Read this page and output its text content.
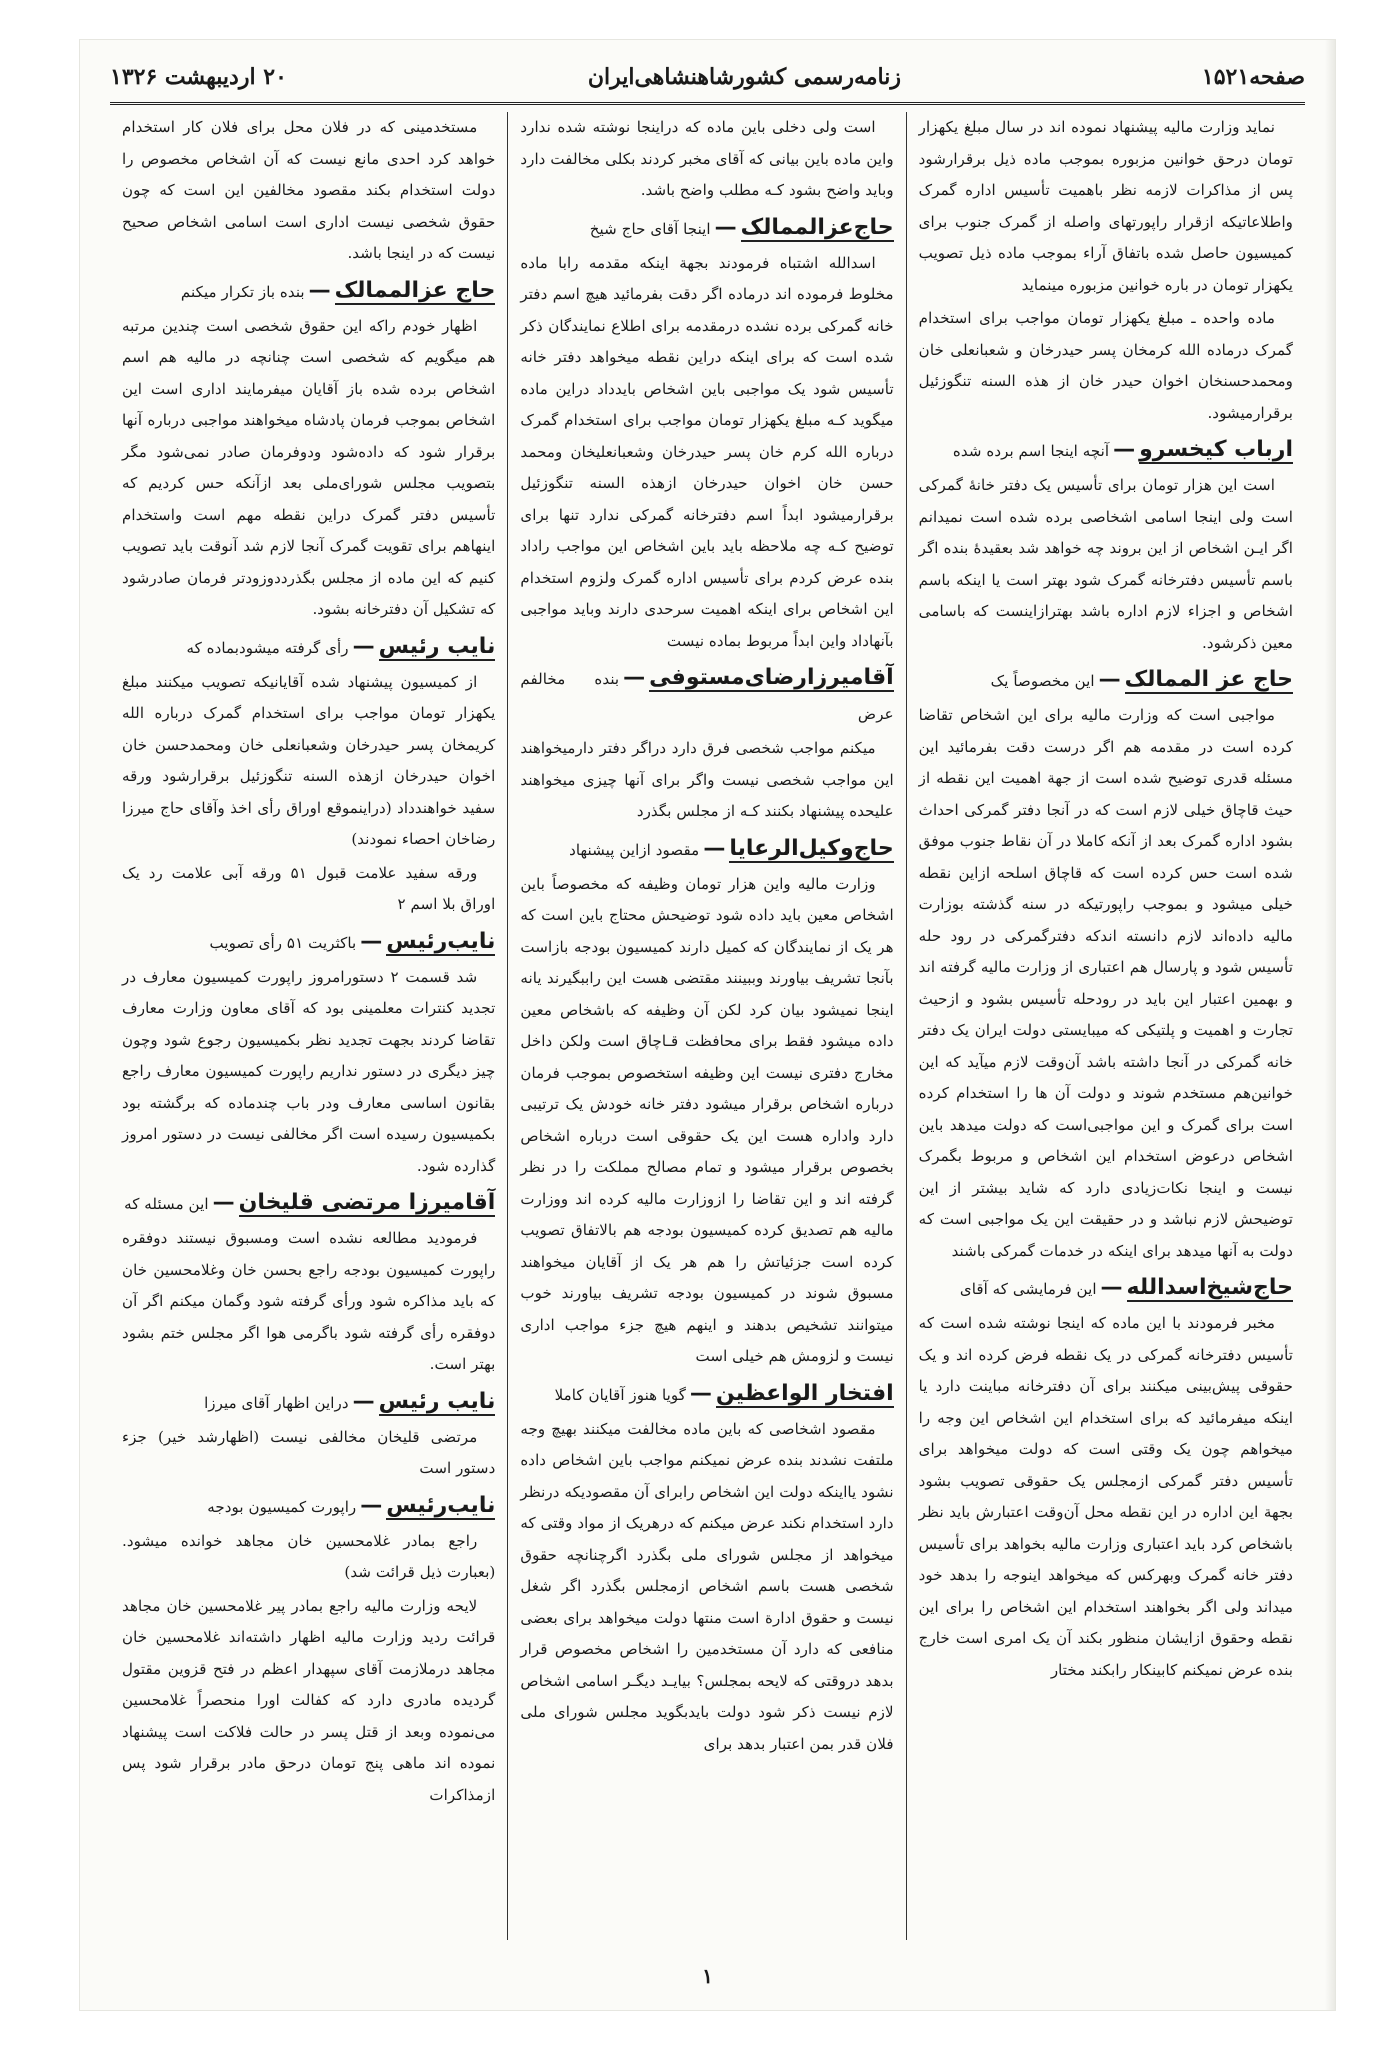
صفحه۱۵۲۱
زنامه‌رسمی کشورشاهنشاهی‌ایران
۲۰ اردیبهشت ۱۳۲۶

نماید وزارت مالیه پیشنهاد نموده اند در سال مبلغ یکهزار تومان درحق خوانین مزبوره بموجب ماده ذیل برقرارشود پس از مذاکرات لازمه نظر باهمیت تأسیس اداره گمرک واطلاعاتیکه ازقرار راپورتهای واصله از گمرک جنوب برای کمیسیون حاصل شده باتفاق آراء بموجب ماده ذیل تصویب یکهزار تومان در باره خوانین مزبوره مینماید

ماده واحده ـ مبلغ یکهزار تومان مواجب برای استخدام گمرک درماده الله کرمخان پسر حیدرخان و شعبانعلی خان ومحمدحسنخان اخوان حیدر خان از هذه السنه تنگوزئیل برقرارمیشود.

ارباب کیخسرو—آنچه اینجا اسم برده شده

است این هزار تومان برای تأسیس یک دفتر خانهٔ گمرکی است ولی اینجا اسامی اشخاصی برده شده است نمیدانم اگر ایـن اشخاص از این بروند چه خواهد شد بعقیدهٔ بنده اگر باسم تأسیس دفترخانه گمرک شود بهتر است یا اینکه باسم اشخاص و اجزاء لازم اداره باشد بهترازاینست که باسامی معین ذکرشود.

حاج عز الممالک—این مخصوصاً یک

مواجبی است که وزارت مالیه برای این اشخاص تقاضا کرده است در مقدمه هم اگر درست دقت بفرمائید این مسئله قدری توضیح شده است از جهة اهمیت این نقطه از حیث قاچاق خیلی لازم است که در آنجا دفتر گمرکی احداث بشود اداره گمرک بعد از آنکه کاملا در آن نقاط جنوب موفق شده است حس کرده است که قاچاق اسلحه ازاین نقطه خیلی میشود و بموجب راپورتیکه در سنه گذشته بوزارت مالیه داده‌اند لازم دانسته اندکه دفترگمرکی در رود حله تأسیس شود و پارسال هم اعتباری از وزارت مالیه گرفته اند و بهمین اعتبار این باید در رودحله تأسیس بشود و ازحیث تجارت و اهمیت و پلتیکی که میبایستی دولت ایران یک دفتر خانه گمرکی در آنجا داشته باشد آن‌وقت لازم میآید که این خوانین‌هم مستخدم شوند و دولت آن ها را استخدام کرده است برای گمرک و این مواجبی‌است که دولت میدهد باین اشخاص درعوض استخدام این اشخاص و مربوط بگمرک نیست و اینجا نکات‌زیادی دارد که شاید بیشتر از این توضیحش لازم نباشد و در حقیقت این یک مواجبی است که دولت به آنها میدهد برای اینکه در خدمات گمرکی باشند

حاج‌شیخ‌اسدالله—این فرمایشی که آقای

مخبر فرمودند با این ماده که اینجا نوشته شده است که تأسیس دفترخانه گمرکی در یک نقطه فرض کرده اند و یک حقوقی پیش‌بینی میکنند برای آن دفترخانه مباینت دارد یا اینکه میفرمائید که برای استخدام این اشخاص این وجه را میخواهم چون یک وقتی است که دولت میخواهد برای تأسیس دفتر گمرکی ازمجلس یک حقوقی تصویب بشود بجهة این اداره در این نقطه محل آن‌وقت اعتبارش باید نظر باشخاص کرد باید اعتباری وزارت مالیه بخواهد برای تأسیس دفتر خانه گمرک وبهرکس که میخواهد اینوجه را بدهد خود میداند ولی اگر بخواهند استخدام این اشخاص را برای این نقطه وحقوق ازایشان منظور بکند آن یک امری است خارج بنده عرض نمیکنم کابینکار رابکند مختار

است ولی دخلی باین ماده که دراینجا نوشته شده ندارد واین ماده باین بیانی که آقای مخبر کردند بکلی مخالفت دارد وباید واضح بشود کـه مطلب واضح باشد.

حاج‌عزالممالک—اینجا آقای حاج شیخ

اسدالله اشتباه فرمودند بجهة اینکه مقدمه رابا ماده مخلوط فرموده اند درماده اگر دقت بفرمائید هیچ اسم دفتر خانه گمرکی برده نشده درمقدمه برای اطلاع نمایندگان ذکر شده است که برای اینکه دراین نقطه میخواهد دفتر خانه تأسیس شود یک مواجبی باین اشخاص بایدداد دراین ماده میگوید کـه مبلغ یکهزار تومان مواجب برای استخدام گمرک درباره الله کرم خان پسر حیدرخان وشعبانعلیخان ومحمد حسن خان اخوان حیدرخان ازهذه السنه تنگوزئیل برقرارمیشود ابداً اسم دفترخانه گمرکی ندارد تنها برای توضیح کـه چه ملاحظه باید باین اشخاص این مواجب راداد بنده عرض کردم برای تأسیس اداره گمرک ولزوم استخدام این اشخاص برای اینکه اهمیت سرحدی دارند وباید مواجبی بآنهاداد واین ابداً مربوط بماده نیست

آقامیرزارضای‌مستوفی—بنده مخالفم عرض

میکنم مواجب شخصی فرق دارد دراگر دفتر دارمیخواهند این مواجب شخصی نیست واگر برای آنها چیزی میخواهند علیحده پیشنهاد بکنند کـه از مجلس بگذرد

حاج‌وکیل‌الرعایا—مقصود ازاین پیشنهاد

وزارت مالیه واین هزار تومان وظیفه که مخصوصاً باین اشخاص معین باید داده شود توضیحش محتاج باین است که هر یک از نمایندگان که کمیل دارند کمیسیون بودجه بازاست بآنجا تشریف بیاورند وببینند مقتضی هست این راببگیرند یانه اینجا نمیشود بیان کرد لکن آن وظیفه که باشخاص معین داده میشود فقط برای محافظت قـاچاق است ولکن داخل مخارج دفتری نیست این وظیفه استخصوص بموجب فرمان درباره اشخاص برقرار میشود دفتر خانه خودش یک ترتیبی دارد واداره هست این یک حقوقی است درباره اشخاص بخصوص برقرار میشود و تمام مصالح مملکت را در نظر گرفته اند و این تقاضا را ازوزارت مالیه کرده اند ووزارت مالیه هم تصدیق کرده کمیسیون بودجه هم بالاتفاق تصویب کرده است جزئیاتش را هم هر یک از آقایان میخواهند مسبوق شوند در کمیسیون بودجه تشریف بیاورند خوب میتوانند تشخیص بدهند و اینهم هیچ جزء مواجب اداری نیست و لزومش هم خیلی است

افتخار الواعظین—گویا هنوز آقایان کاملا

مقصود اشخاصی که باین ماده مخالفت میکنند بهیچ وجه ملتفت نشدند بنده عرض نمیکنم مواجب باین اشخاص داده نشود یااینکه دولت این اشخاص رابرای آن مقصودیکه درنظر دارد استخدام نکند عرض میکنم که درهریک از مواد وقتی که میخواهد از مجلس شورای ملی بگذرد اگرچنانچه حقوق شخصی هست باسم اشخاص ازمجلس بگذرد اگر شغل نیست و حقوق ادارة است منتها دولت میخواهد برای بعضی منافعی که دارد آن مستخدمین را اشخاص مخصوص قرار بدهد دروقتی که لایحه بمجلس؟ بیایـد دیگـر اسامی اشخاص لازم نیست ذکر شود دولت بایدبگوید مجلس شورای ملی فلان قدر بمن اعتبار بدهد برای

مستخدمینی که در فلان محل برای فلان کار استخدام خواهد کرد احدی مانع نیست که آن اشخاص مخصوص را دولت استخدام بکند مقصود مخالفین این است که چون حقوق شخصی نیست اداری است اسامی اشخاص صحیح نیست که در اینجا باشد.

حاج عزالممالک—بنده باز تکرار میکنم

اظهار خودم راکه این حقوق شخصی است چندین مرتبه هم میگویم که شخصی است چنانچه در مالیه هم اسم اشخاص برده شده باز آقایان میفرمایند اداری است این اشخاص بموجب فرمان پادشاه میخواهند مواجبی درباره آنها برقرار شود که داده‌شود ودوفرمان صادر نمی‌شود مگر بتصویب مجلس شورای‌ملی بعد ازآنکه حس کردیم که تأسیس دفتر گمرک دراین نقطه مهم است واستخدام اینهاهم برای تقویت گمرک آنجا لازم شد آنوقت باید تصویب کنیم که این ماده از مجلس بگذرددوزودتر فرمان صادرشود که تشکیل آن دفترخانه بشود.

نایب رئیس—رأی گرفته میشودبماده که

از کمیسیون پیشنهاد شده آقایانیکه تصویب میکنند مبلغ یکهزار تومان مواجب برای استخدام گمرک درباره الله کریمخان پسر حیدرخان وشعبانعلی خان ومحمدحسن خان اخوان حیدرخان ازهذه السنه تنگوزئیل برقرارشود ورقه سفید خواهندداد (دراینموقع اوراق رأی اخذ وآقای حاج میرزا رضاخان احصاء نمودند)

ورقه سفید علامت قبول ۵۱ ورقه آبی علامت رد یک اوراق بلا اسم ۲

نایب‌رئیس—باکثریت ۵۱ رأی تصویب

شد قسمت ۲ دستورامروز راپورت کمیسیون معارف در تجدید کنترات معلمینی بود که آقای معاون وزارت معارف تقاضا کردند بجهت تجدید نظر بکمیسیون رجوع شود وچون چیز دیگری در دستور نداریم راپورت کمیسیون معارف راجع بقانون اساسی معارف ودر باب چندماده که برگشته بود بکمیسیون رسیده است اگر مخالفی نیست در دستور امروز گذارده شود.

آقامیرزا مرتضی قلیخان—این مسئله که

فرمودید مطالعه نشده است ومسبوق نیستند دوفقره راپورت کمیسیون بودجه راجع بحسن خان وغلامحسین خان که باید مذاکره شود ورأی گرفته شود وگمان میکنم اگر آن دوفقره رأی گرفته شود باگرمی هوا اگر مجلس ختم بشود بهتر است.

نایب رئیس—دراین اظهار آقای میرزا

مرتضی قلیخان مخالفی نیست (اظهارشد خیر) جزء دستور است

نایب‌رئیس—راپورت کمیسیون بودجه

راجع بمادر غلامحسین خان مجاهد خوانده میشود. (بعبارت ذیل قرائت شد)

لایحه وزارت مالیه راجع بمادر پیر غلامحسین خان مجاهد قرائت ردید وزارت مالیه اظهار داشته‌اند غلامحسین خان مجاهد درملازمت آقای سپهدار اعظم در فتح قزوین مقتول گردیده مادری دارد که کفالت اورا منحصراً غلامحسین می‌نموده وبعد از قتل پسر در حالت فلاکت است پیشنهاد نموده اند ماهی پنج تومان درحق مادر برقرار شود پس ازمذاکرات

۱
